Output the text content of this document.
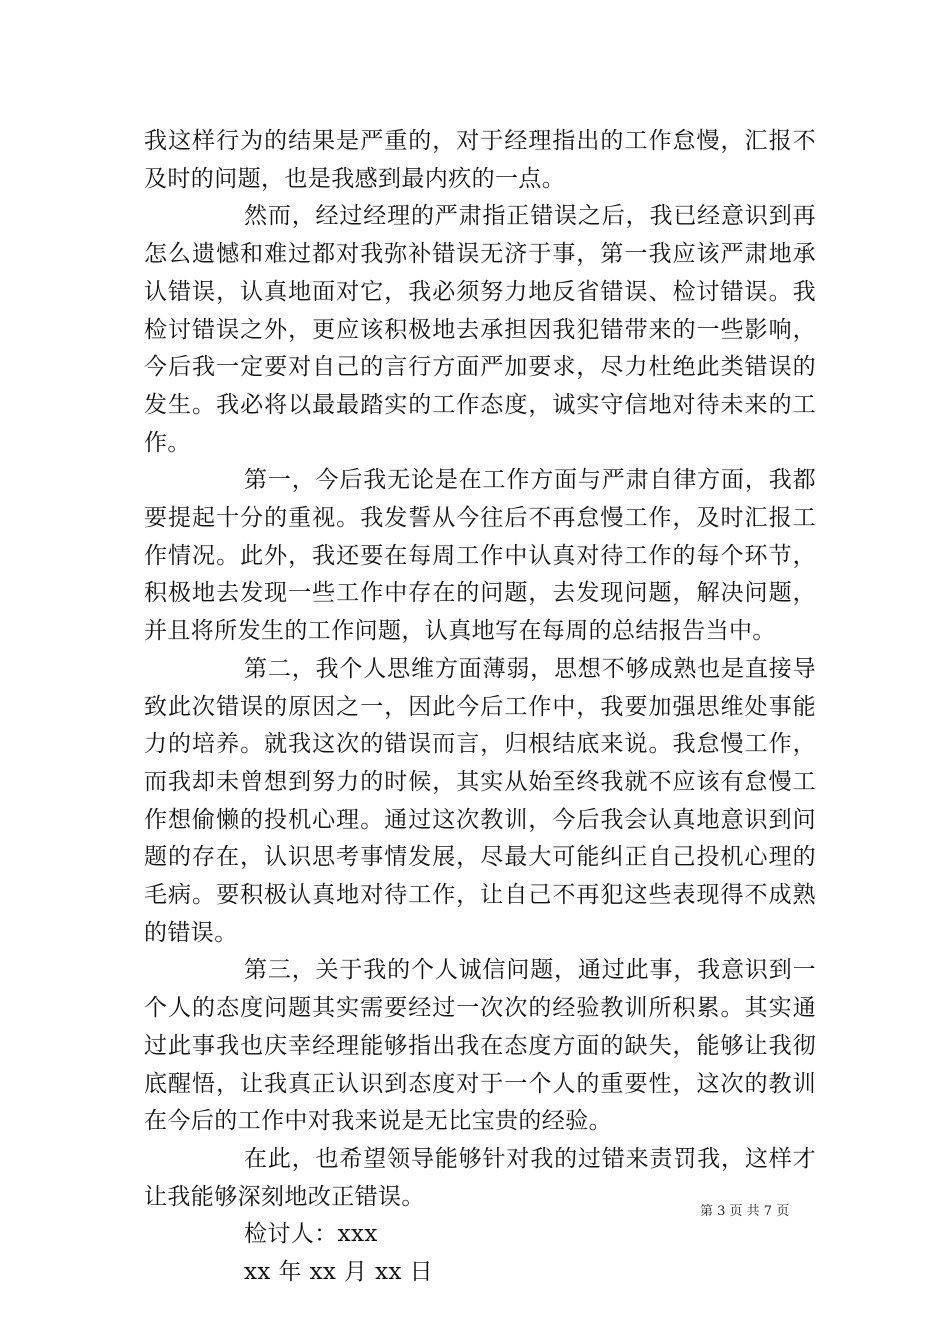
我这样行为的结果是严重的，对于经理指出的工作怠慢，汇报不及时的问题，也是我感到最内疚的一点。

然而，经过经理的严肃指正错误之后，我已经意识到再怎么遗憾和难过都对我弥补错误无济于事，第一我应该严肃地承认错误，认真地面对它，我必须努力地反省错误、检讨错误。我检讨错误之外，更应该积极地去承担因我犯错带来的一些影响，今后我一定要对自己的言行方面严加要求，尽力杜绝此类错误的发生。我必将以最最踏实的工作态度，诚实守信地对待未来的工作。

第一，今后我无论是在工作方面与严肃自律方面，我都要提起十分的重视。我发誓从今往后不再怠慢工作，及时汇报工作情况。此外，我还要在每周工作中认真对待工作的每个环节，积极地去发现一些工作中存在的问题，去发现问题，解决问题，并且将所发生的工作问题，认真地写在每周的总结报告当中。

第二，我个人思维方面薄弱，思想不够成熟也是直接导致此次错误的原因之一，因此今后工作中，我要加强思维处事能力的培养。就我这次的错误而言，归根结底来说。我怠慢工作，而我却未曾想到努力的时候，其实从始至终我就不应该有怠慢工作想偷懒的投机心理。通过这次教训，今后我会认真地意识到问题的存在，认识思考事情发展，尽最大可能纠正自己投机心理的毛病。要积极认真地对待工作，让自己不再犯这些表现得不成熟的错误。

第三，关于我的个人诚信问题，通过此事，我意识到一个人的态度问题其实需要经过一次次的经验教训所积累。其实通过此事我也庆幸经理能够指出我在态度方面的缺失，能够让我彻底醒悟，让我真正认识到态度对于一个人的重要性，这次的教训在今后的工作中对我来说是无比宝贵的经验。

在此，也希望领导能够针对我的过错来责罚我，这样才让我能够深刻地改正错误。

检讨人：xxx

xx 年 xx 月 xx 日

第 3 页 共 7 页
